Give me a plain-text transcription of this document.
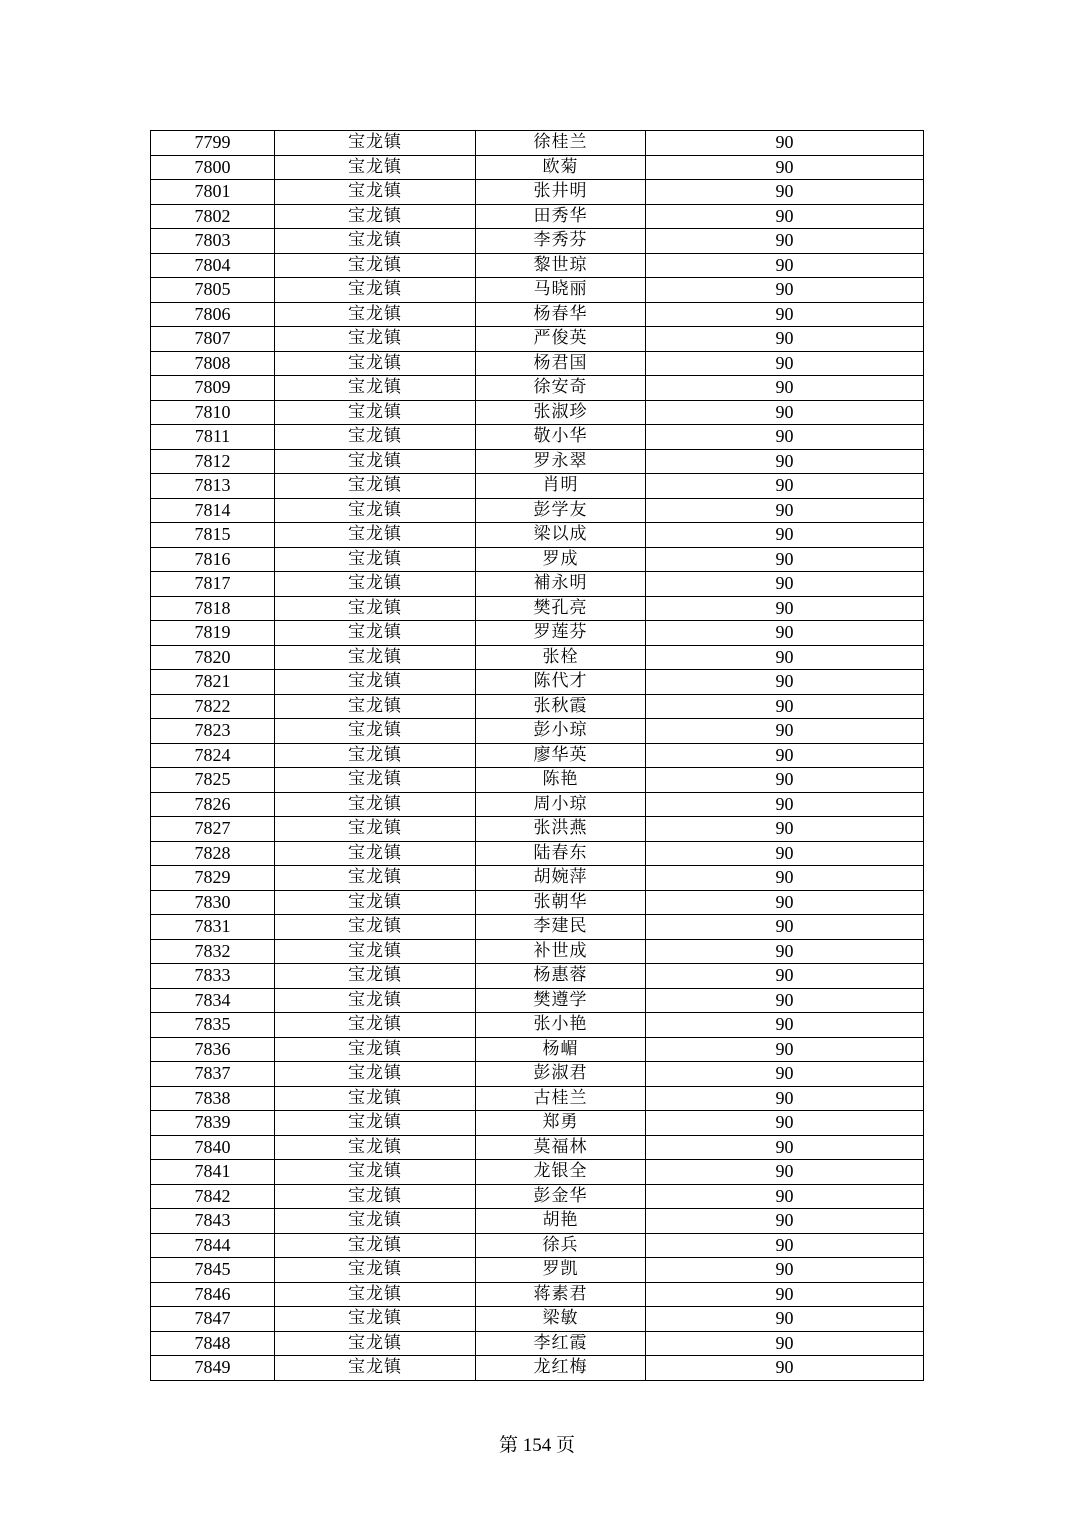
7799	宝龙镇	徐桂兰	90
7800	宝龙镇	欧菊	90
7801	宝龙镇	张井明	90
7802	宝龙镇	田秀华	90
7803	宝龙镇	李秀芬	90
7804	宝龙镇	黎世琼	90
7805	宝龙镇	马晓丽	90
7806	宝龙镇	杨春华	90
7807	宝龙镇	严俊英	90
7808	宝龙镇	杨君国	90
7809	宝龙镇	徐安奇	90
7810	宝龙镇	张淑珍	90
7811	宝龙镇	敬小华	90
7812	宝龙镇	罗永翠	90
7813	宝龙镇	肖明	90
7814	宝龙镇	彭学友	90
7815	宝龙镇	梁以成	90
7816	宝龙镇	罗成	90
7817	宝龙镇	補永明	90
7818	宝龙镇	樊孔亮	90
7819	宝龙镇	罗莲芬	90
7820	宝龙镇	张栓	90
7821	宝龙镇	陈代才	90
7822	宝龙镇	张秋霞	90
7823	宝龙镇	彭小琼	90
7824	宝龙镇	廖华英	90
7825	宝龙镇	陈艳	90
7826	宝龙镇	周小琼	90
7827	宝龙镇	张洪燕	90
7828	宝龙镇	陆春东	90
7829	宝龙镇	胡婉萍	90
7830	宝龙镇	张朝华	90
7831	宝龙镇	李建民	90
7832	宝龙镇	补世成	90
7833	宝龙镇	杨惠蓉	90
7834	宝龙镇	樊遵学	90
7835	宝龙镇	张小艳	90
7836	宝龙镇	杨嵋	90
7837	宝龙镇	彭淑君	90
7838	宝龙镇	古桂兰	90
7839	宝龙镇	郑勇	90
7840	宝龙镇	莫福林	90
7841	宝龙镇	龙银全	90
7842	宝龙镇	彭金华	90
7843	宝龙镇	胡艳	90
7844	宝龙镇	徐兵	90
7845	宝龙镇	罗凯	90
7846	宝龙镇	蒋素君	90
7847	宝龙镇	梁敏	90
7848	宝龙镇	李红霞	90
7849	宝龙镇	龙红梅	90
第 154 页
